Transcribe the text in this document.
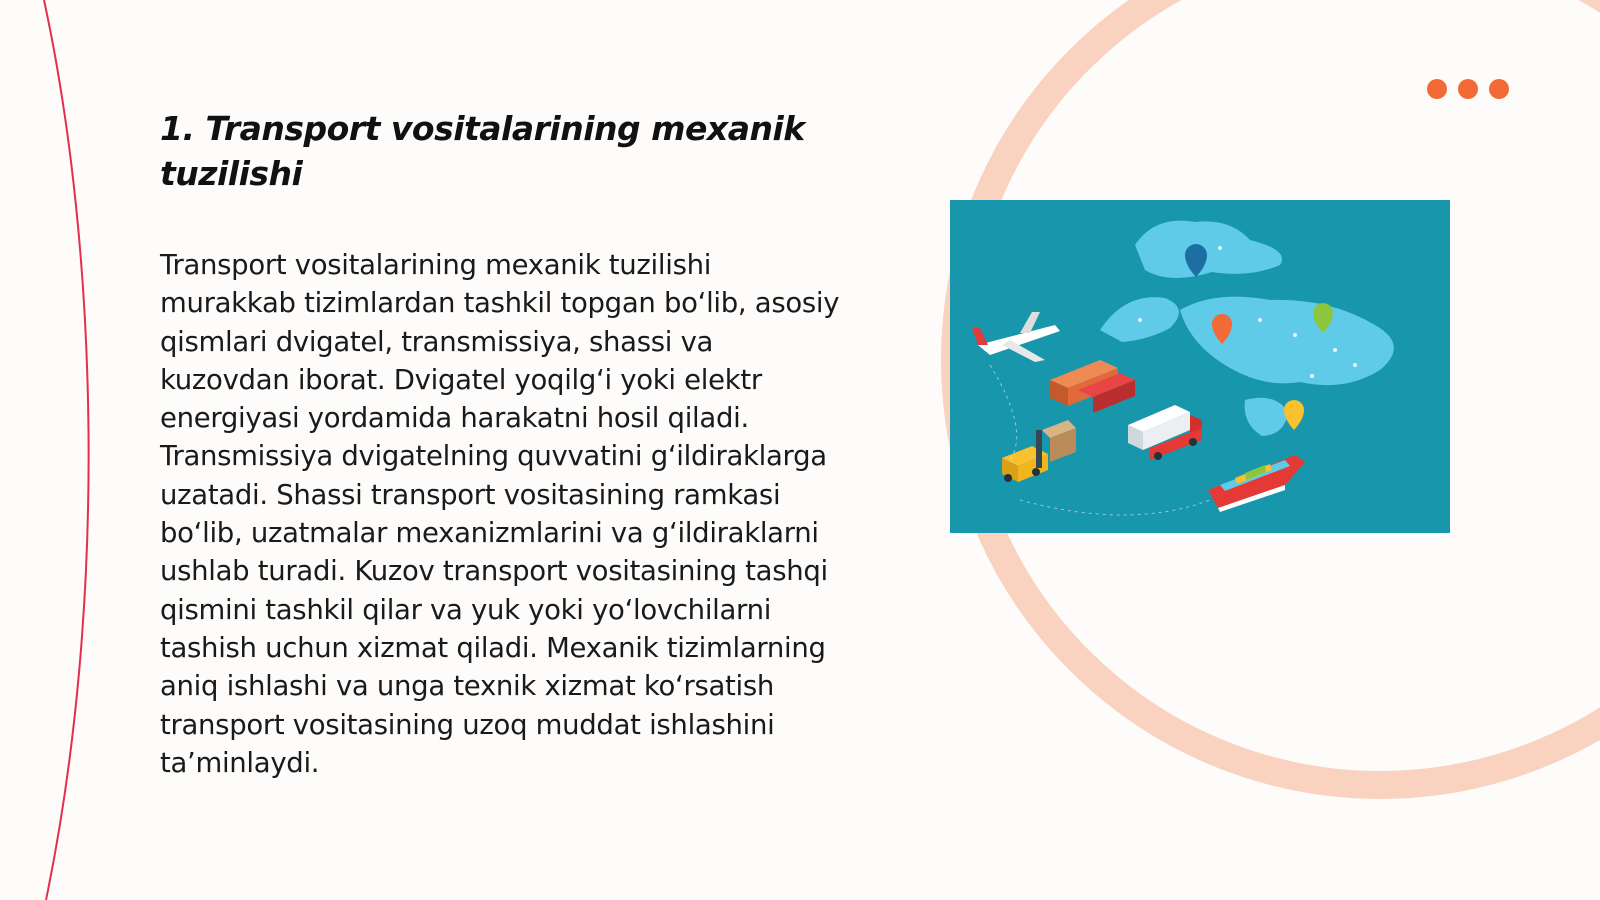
1. Transport vositalarining mexanik tuzilishi

Transport vositalarining mexanik tuzilishi murakkab tizimlardan tashkil topgan bo‘lib, asosiy qismlari dvigatel, transmissiya, shassi va kuzovdan iborat. Dvigatel yoqilg‘i yoki elektr energiyasi yordamida harakatni hosil qiladi. Transmissiya dvigatelning quvvatini g‘ildiraklarga uzatadi. Shassi transport vositasining ramkasi bo‘lib, uzatmalar mexanizmlarini va g‘ildiraklarni ushlab turadi. Kuzov transport vositasining tashqi qismini tashkil qilar va yuk yoki yo‘lovchilarni tashish uchun xizmat qiladi. Mexanik tizimlarning aniq ishlashi va unga texnik xizmat ko‘rsatish transport vositasining uzoq muddat ishlashini ta’minlaydi.
